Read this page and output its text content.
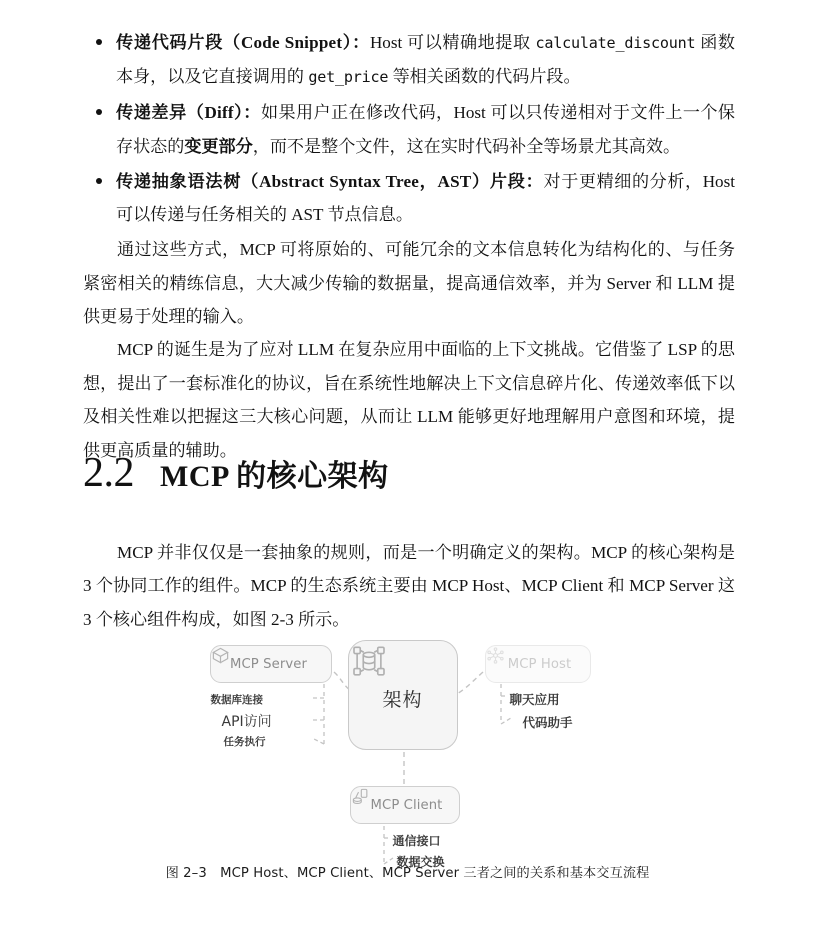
传递代码片段（Code Snippet）：Host 可以精确地提取 calculate_discount 函数本身，以及它直接调用的 get_price 等相关函数的代码片段。
传递差异（Diff）：如果用户正在修改代码，Host 可以只传递相对于文件上一个保存状态的变更部分，而不是整个文件，这在实时代码补全等场景尤其高效。
传递抽象语法树（Abstract Syntax Tree，AST）片段：对于更精细的分析，Host 可以传递与任务相关的 AST 节点信息。

通过这些方式，MCP 可将原始的、可能冗余的文本信息转化为结构化的、与任务紧密相关的精练信息，大大减少传输的数据量，提高通信效率，并为 Server 和 LLM 提供更易于处理的输入。

MCP 的诞生是为了应对 LLM 在复杂应用中面临的上下文挑战。它借鉴了 LSP 的思想，提出了一套标准化的协议，旨在系统性地解决上下文信息碎片化、传递效率低下以及相关性难以把握这三大核心问题，从而让 LLM 能够更好地理解用户意图和环境，提供更高质量的辅助。

2.2 MCP 的核心架构

MCP 并非仅仅是一套抽象的规则，而是一个明确定义的架构。MCP 的核心架构是 3 个协同工作的组件。MCP 的生态系统主要由 MCP Host、MCP Client 和 MCP Server 这 3 个核心组件构成，如图 2-3 所示。

MCP Server	MCP Host
架构
MCP Client
数据库连接
API访问
任务执行
聊天应用
代码助手
通信接口
数据交换
图 2–3　MCP Host、MCP Client、MCP Server 三者之间的关系和基本交互流程
